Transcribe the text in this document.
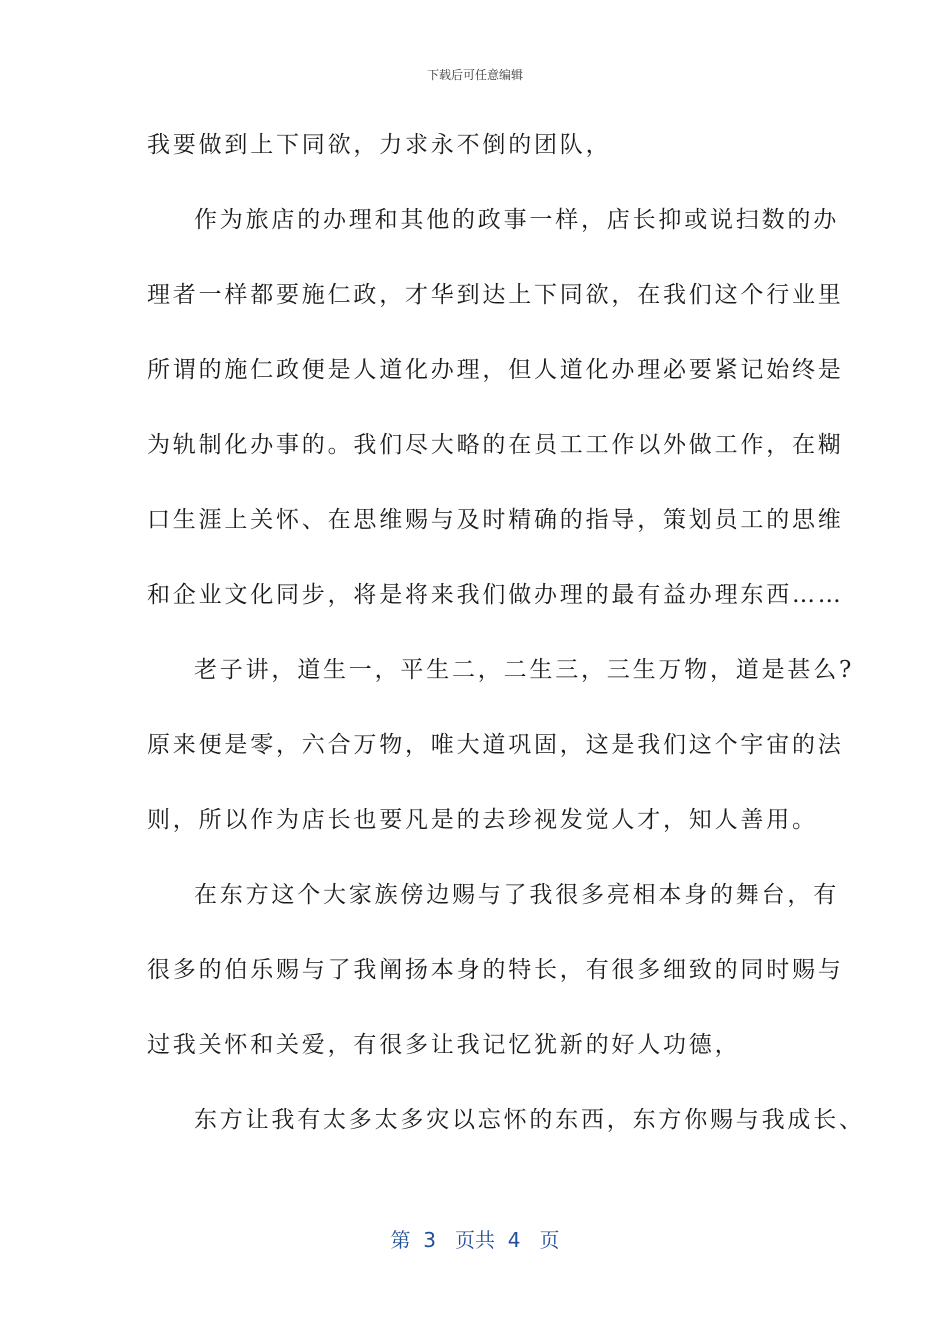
下载后可任意编辑
我要做到上下同欲，力求永不倒的团队，
作为旅店的办理和其他的政事一样，店长抑或说扫数的办
理者一样都要施仁政，才华到达上下同欲，在我们这个行业里
所谓的施仁政便是人道化办理，但人道化办理必要紧记始终是
为轨制化办事的。我们尽大略的在员工工作以外做工作，在糊
口生涯上关怀、在思维赐与及时精确的指导，策划员工的思维
和企业文化同步，将是将来我们做办理的最有益办理东西……
老子讲，道生一，平生二，二生三，三生万物，道是甚么?
原来便是零，六合万物，唯大道巩固，这是我们这个宇宙的法
则，所以作为店长也要凡是的去珍视发觉人才，知人善用。
在东方这个大家族傍边赐与了我很多亮相本身的舞台，有
很多的伯乐赐与了我阐扬本身的特长，有很多细致的同时赐与
过我关怀和关爱，有很多让我记忆犹新的好人功德，
东方让我有太多太多灾以忘怀的东西，东方你赐与我成长、
第  3   页共  4   页
